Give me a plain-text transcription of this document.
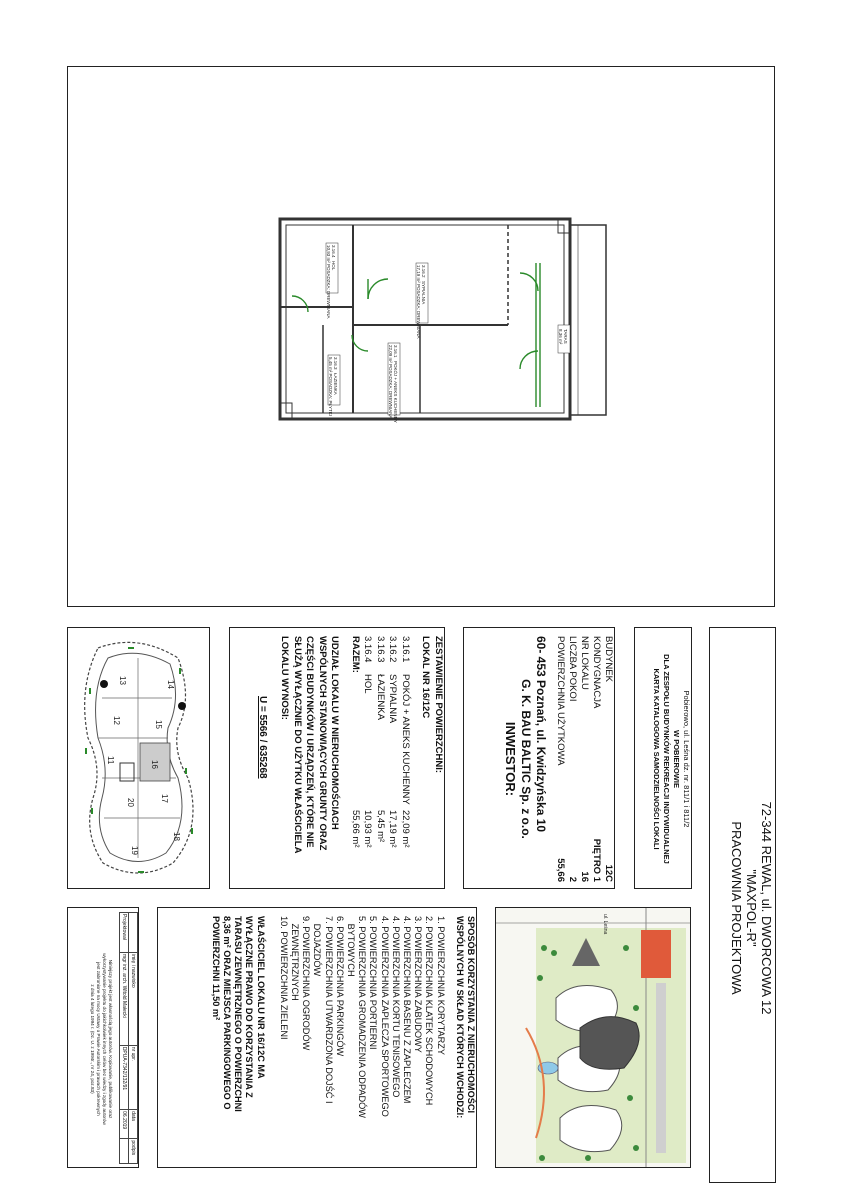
3.16.2
SYPIALNIA
17,19 m² POSADZKA: DREWNIANA
3.16.1
POKÓJ + ANEKS KUCHENNY
22,09 m² POSADZKA: DREWNIANA
3.16.4
HOL
10,93 m² POSADZKA: DREWNIANA
3.16.3
ŁAZIENKA
5,45 m² POSADZKA: PŁYTKI
TARAS
8,36 m²
13	14
12	15
11	16
20	17
18
19
ZESTAWIENIE POWIERZCHNI:
LOKAL NR 16/12C
3.16.1
POKÓJ + ANEKS KUCHENNY
22,09 m²
3.16.2
SYPIALNIA
17,19 m²
3.16.3
ŁAZIENKA
5,45 m²
3.16.4
HOL
10,93 m²
RAZEM:
55,66 m²
UDZIAŁ LOKALU W NIERUCHOMOŚCIACH
WSPÓLNYCH STANOWIĄCYCH GRUNTY ORAZ
CZĘŚCI BUDYNKÓW I URZĄDZEŃ, KTÓRE NIE
SŁUŻĄ WYŁĄCZNIE DO UŻYTKU WŁAŚCICIELA
LOKALU WYNOSI:
U = 5566 / 635268
BUDYNEK
12C
KONDYGNACJA
PIĘTRO 1
NR LOKALU
16
LICZBA POKOI
2
POWIERZCHNIA UŻYTKOWA
55,66
60- 453 Poznań, ul. Kwidzyńska 10
G. K. BAU BALTIC Sp. z o.o.
INWESTOR:	Pobierowo, ul. Leśna dz. nr. 811/1 i 811/2
W POBIEROWIE
DLA ZESPOŁU BUDYNKÓW REKREACJI INDYWIDUALNEJ
KARTA KATALOGOWA SAMODZIELNOŚCI LOKALI
72-344 REWAL, ul. DWORCOWA 12
"MAXPOL-R"
PRACOWNIA PROJEKTOWA
	imię i nazwisko	nr upr.	data	podpis
Projektował	mgr inż. arch. Witold Małecki	DPUA-7342/132/91	06.2019	
Niniejszy projekt jest własnością jego autorów. Kopiowanie, publikowanie oraz
wykorzystywanie projektu do jakichkolwiek innych celów bez wiedzy i zgody autorów
jest zabronione na mocy Ustawy o Prawie Autorskim i prawach pokrewnych
z dnia 4 lutego 1994 r. (Dz. U. z 1994r., nr 24, poz.83)	SPOSÓB KORZYSTANIA Z NIERUCHOMOŚCI
WSPÓLNYCH W SKŁAD KTÓRYCH WCHODZI:
1. POWIERZCHNIA KORYTARZY
2. POWIERZCHNIA KLATEK SCHODOWYCH
3. POWIERZCHNIA ZABUDOWY
4. POWIERZCHNIA BASENU Z ZAPLECZEM
4. POWIERZCHNIA KORTU TENISOWEGO
4. POWIERZCHNIA ZAPLECZA SPORTOWEGO
5. POWIERZCHNIA PORTIERNI
5. POWIERZCHNIA GROMADZENIA ODPADÓW
BYTOWYCH
6. POWIERZCHNIA PARKINGÓW
7. POWIERZCHNIA UTWARDZONA DOJŚĆ I
DOJAZDÓW
9. POWIERZCHNIA OGRODÓW
ZEWNĘTRZNYCH
10. POWIERZCHNIA ZIELENI
WŁAŚCICIEL LOKALU NR 16/12C MA
WYŁĄCZNE PRAWO DO KORZYSTANIA Z
TARASU ZEWNĘTRZNEGO O POWIERZCHNI
8,36 m² ORAZ MIEJSCA PARKINGOWEGO O
POWIERZCHNI 11,50 m²	ul. Leśna
